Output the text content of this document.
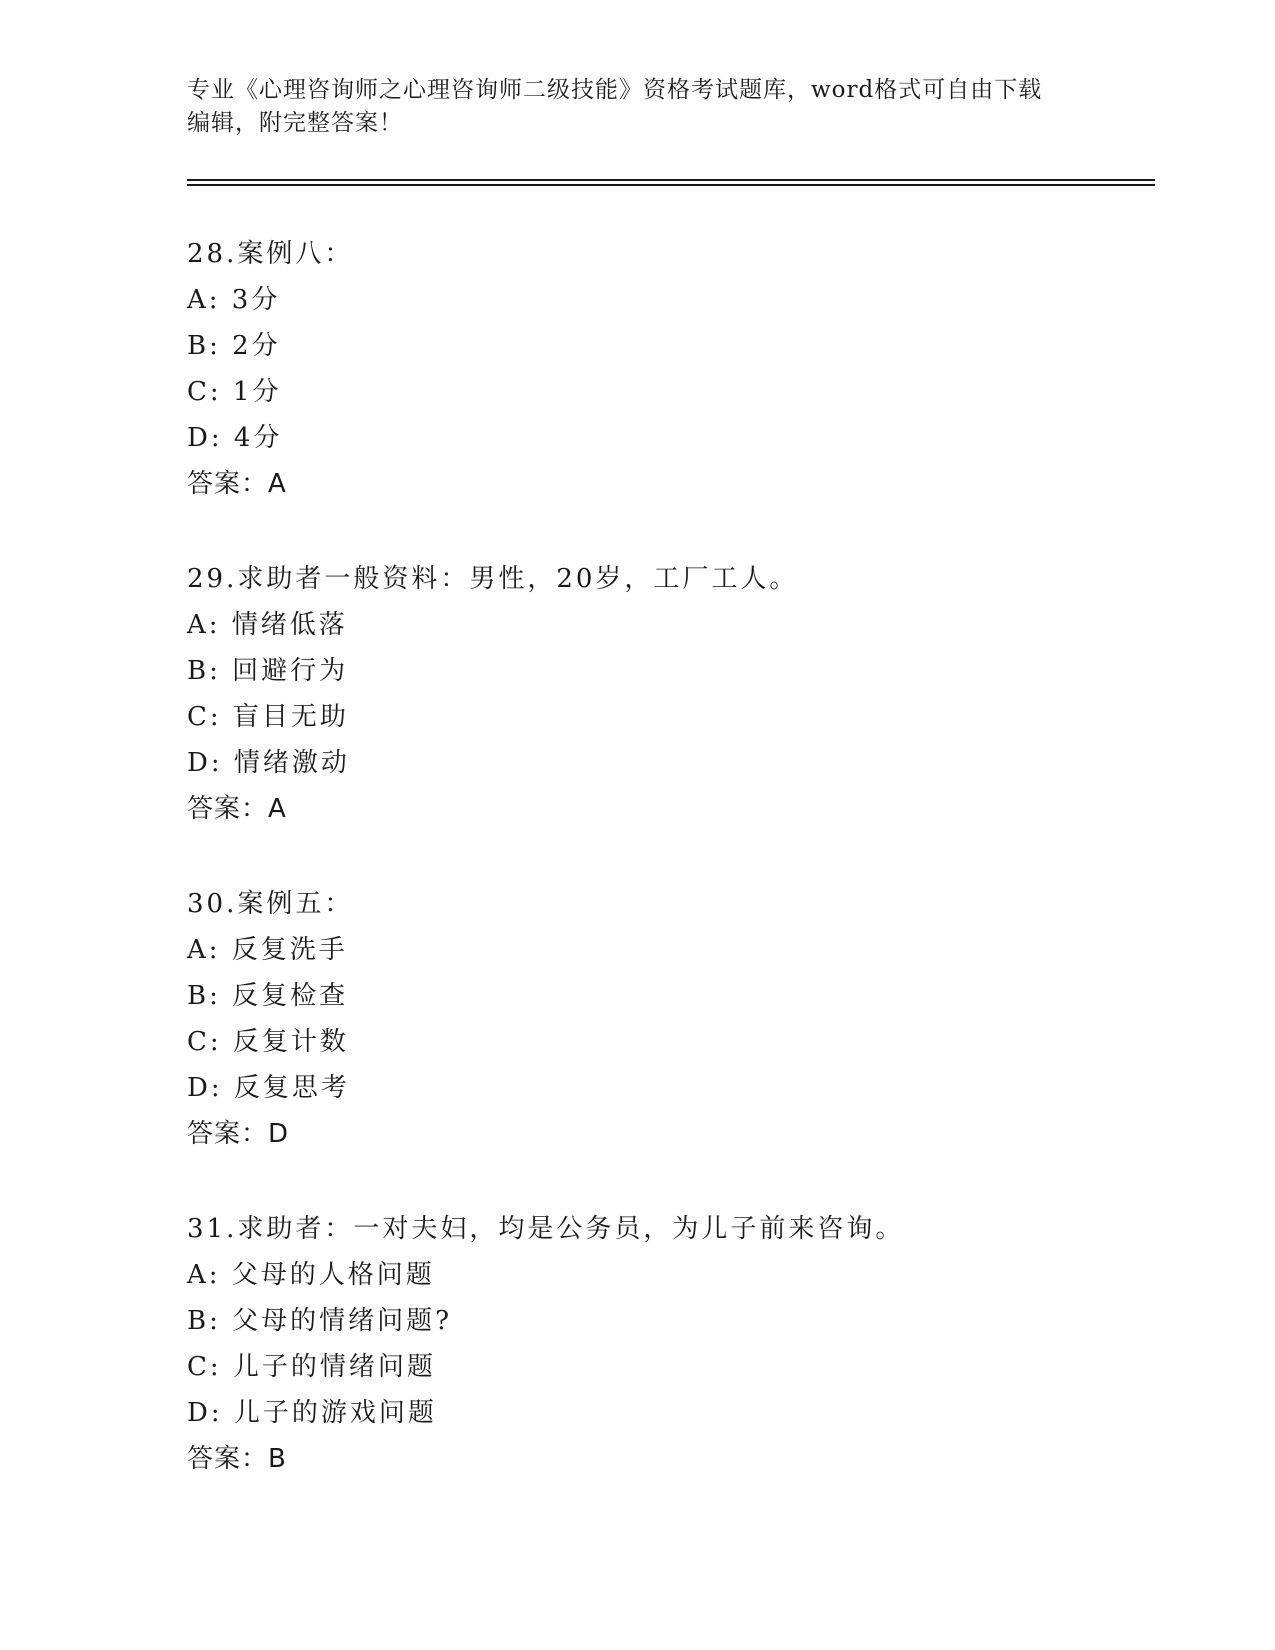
专业《心理咨询师之心理咨询师二级技能》资格考试题库，word格式可自由下载
编辑，附完整答案！
28.案例八：
A: 3分
B: 2分
C: 1分
D: 4分
答案：A
29.求助者一般资料：男性，20岁，工厂工人。
A: 情绪低落
B: 回避行为
C: 盲目无助
D: 情绪激动
答案：A
30.案例五：
A: 反复洗手
B: 反复检查
C: 反复计数
D: 反复思考
答案：D
31.求助者：一对夫妇，均是公务员，为儿子前来咨询。
A: 父母的人格问题
B: 父母的情绪问题?
C: 儿子的情绪问题
D: 儿子的游戏问题
答案：B
